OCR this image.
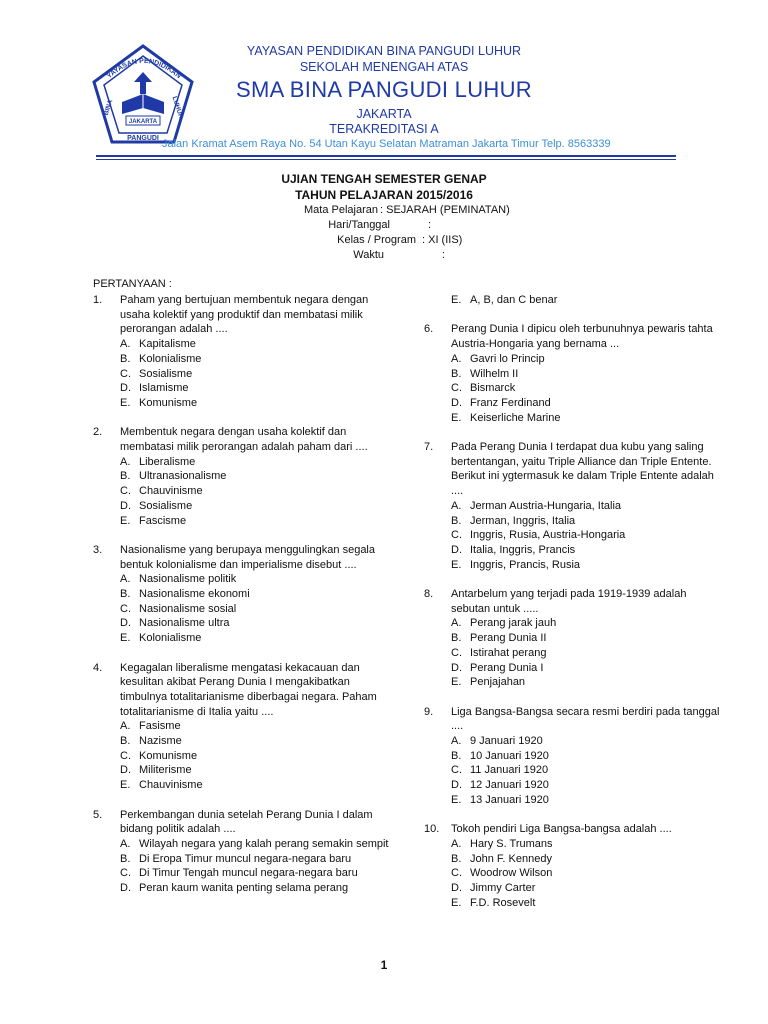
YAYASAN PENDIDIKAN
BINA	LUHUR
PANGUDI
JAKARTA
YAYASAN PENDIDIKAN BINA PANGUDI LUHUR
SEKOLAH MENENGAH ATAS
SMA BINA PANGUDI LUHUR
JAKARTA
TERAKREDITASI A
Jalan Kramat Asem Raya No. 54 Utan Kayu Selatan Matraman Jakarta Timur Telp. 8563339
UJIAN TENGAH SEMESTER GENAP
TAHUN PELAJARAN 2015/2016
Mata Pelajaran : SEJARAH (PEMINATAN)
Hari/Tanggal	:
Kelas / Program : XI (IIS)
Waktu	:
PERTANYAAN :
1. Paham yang bertujuan membentuk negara dengan usaha kolektif yang produktif dan membatasi milik perorangan adalah ....
A. Kapitalisme
B. Kolonialisme
C. Sosialisme
D. Islamisme
E. Komunisme
2. Membentuk negara dengan usaha kolektif dan membatasi milik perorangan adalah paham dari ....
A. Liberalisme
B. Ultranasionalisme
C. Chauvinisme
D. Sosialisme
E. Fascisme
3. Nasionalisme yang berupaya menggulingkan segala bentuk kolonialisme dan imperialisme disebut ....
A. Nasionalisme politik
B. Nasionalisme ekonomi
C. Nasionalisme sosial
D. Nasionalisme ultra
E. Kolonialisme
4. Kegagalan liberalisme mengatasi kekacauan dan kesulitan akibat Perang Dunia I mengakibatkan timbulnya totalitarianisme diberbagai negara. Paham totalitarianisme di Italia yaitu ....
A. Fasisme
B. Nazisme
C. Komunisme
D. Militerisme
E. Chauvinisme
5. Perkembangan dunia setelah Perang Dunia I dalam bidang politik adalah ....
A. Wilayah negara yang kalah perang semakin sempit
B. Di Eropa Timur muncul negara-negara baru
C. Di Timur Tengah muncul negara-negara baru
D. Peran kaum wanita penting selama perang
E. A, B, dan C benar
6. Perang Dunia I dipicu oleh terbunuhnya pewaris tahta Austria-Hongaria yang bernama ...
A. Gavri lo Princip
B. Wilhelm II
C. Bismarck
D. Franz Ferdinand
E. Keiserliche Marine
7. Pada Perang Dunia I terdapat dua kubu yang saling bertentangan, yaitu Triple Alliance dan Triple Entente. Berikut ini ygtermasuk ke dalam Triple Entente adalah ....
A. Jerman Austria-Hungaria, Italia
B. Jerman, Inggris, Italia
C. Inggris, Rusia, Austria-Hongaria
D. Italia, Inggris, Prancis
E. Inggris, Prancis, Rusia
8. Antarbelum yang terjadi pada 1919-1939 adalah sebutan untuk .....
A. Perang jarak jauh
B. Perang Dunia II
C. Istirahat perang
D. Perang Dunia I
E. Penjajahan
9. Liga Bangsa-Bangsa secara resmi berdiri pada tanggal ....
A. 9 Januari 1920
B. 10 Januari 1920
C. 11 Januari 1920
D. 12 Januari 1920
E. 13 Januari 1920
10. Tokoh pendiri Liga Bangsa-bangsa adalah ....
A. Hary S. Trumans
B. John F. Kennedy
C. Woodrow Wilson
D. Jimmy Carter
E. F.D. Rosevelt
1
